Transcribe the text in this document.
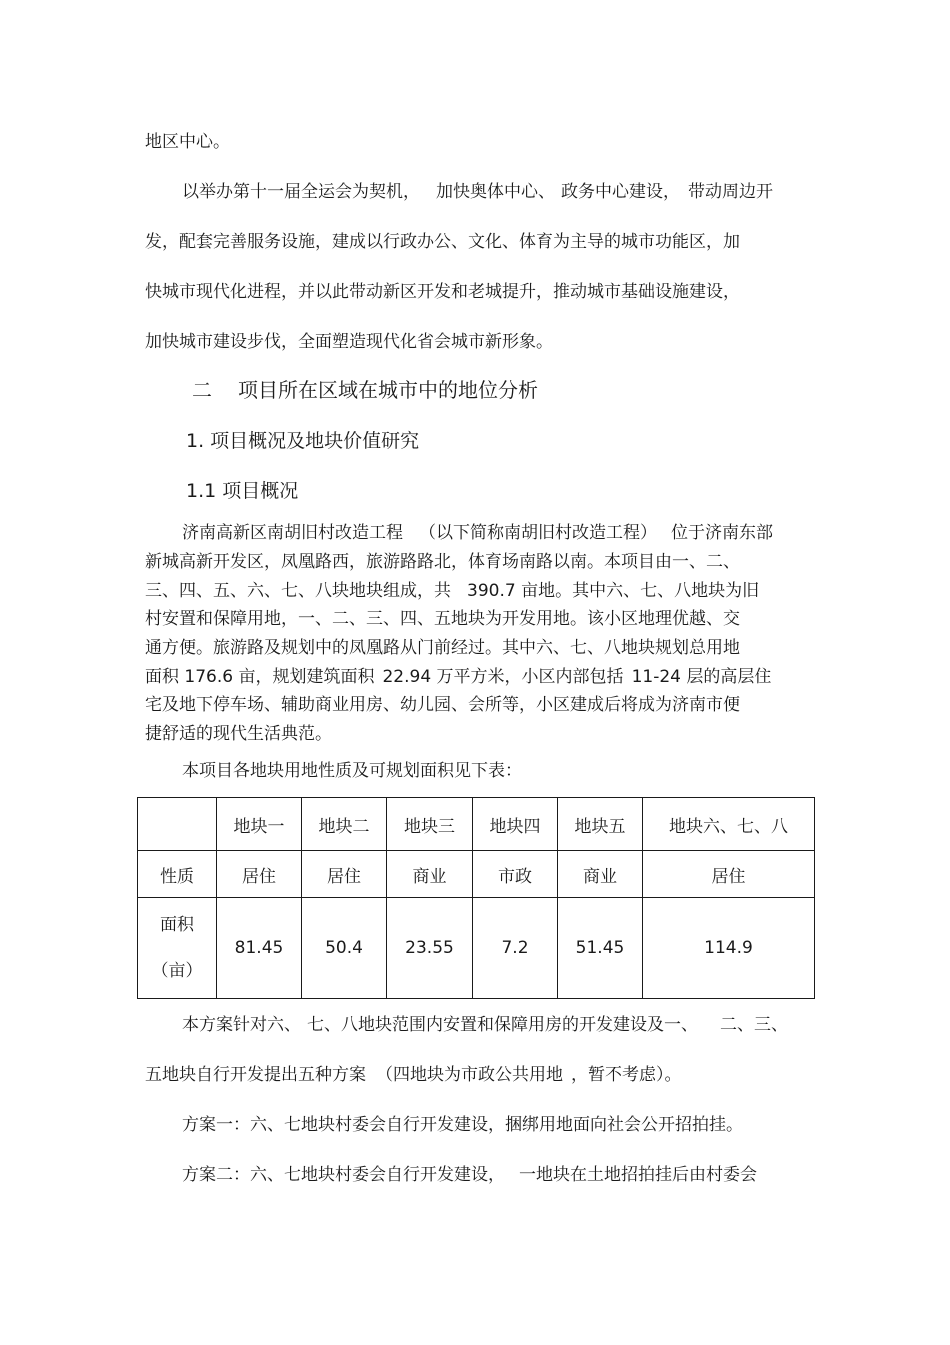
地区中心。
以举办第十一届全运会为契机， 加快奥体中心、 政务中心建设， 带动周边开
发，配套完善服务设施，建成以行政办公、文化、体育为主导的城市功能区，加
快城市现代化进程，并以此带动新区开发和老城提升，推动城市基础设施建设，
加快城市建设步伐，全面塑造现代化省会城市新形象。
二 项目所在区域在城市中的地位分析
1. 项目概况及地块价值研究
1.1 项目概况
济南高新区南胡旧村改造工程 （以下简称南胡旧村改造工程） 位于济南东部
新城高新开发区，凤凰路西，旅游路路北，体育场南路以南。本项目由一、二、
三、四、五、六、七、八块地块组成，共 390.7 亩地。其中六、七、八地块为旧
村安置和保障用地，一、二、三、四、五地块为开发用地。该小区地理优越、交
通方便。旅游路及规划中的凤凰路从门前经过。其中六、七、八地块规划总用地
面积 176.6 亩，规划建筑面积 22.94 万平方米，小区内部包括 11-24 层的高层住
宅及地下停车场、辅助商业用房、幼儿园、会所等，小区建成后将成为济南市便
捷舒适的现代生活典范。
本项目各地块用地性质及可规划面积见下表：
	地块一	地块二	地块三	地块四	地块五	地块六、七、八
性质	居住	居住	商业	市政	商业	居住

面积
（亩）	81.45	50.4	23.55	7.2	51.45	114.9
本方案针对六、 七、八地块范围内安置和保障用房的开发建设及一、 二、三、
五地块自行开发提出五种方案 （四地块为市政公共用地 ，暂不考虑）。
方案一：六、七地块村委会自行开发建设，捆绑用地面向社会公开招拍挂。
方案二：六、七地块村委会自行开发建设， 一地块在土地招拍挂后由村委会
